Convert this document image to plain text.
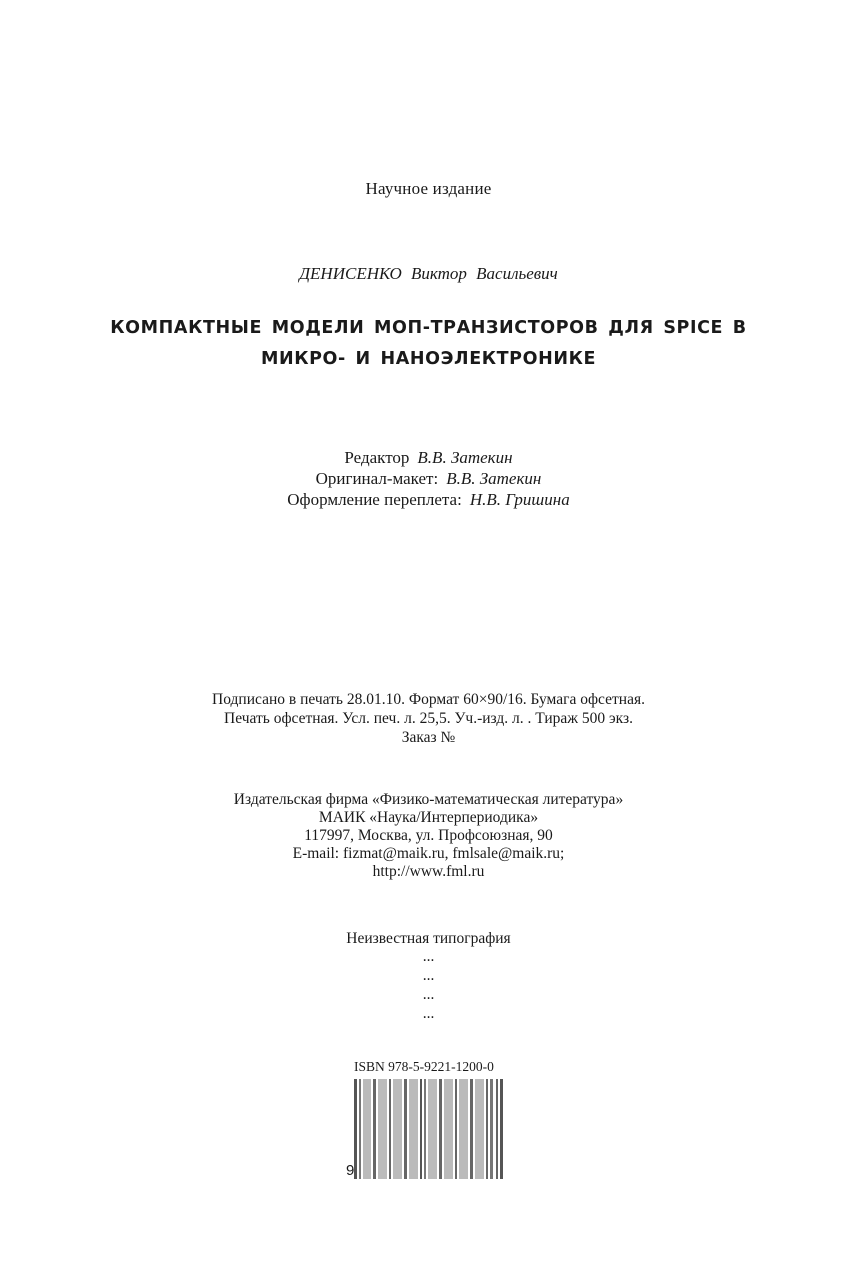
Научное издание
ДЕНИСЕНКО Виктор Васильевич
КОМПАКТНЫЕ МОДЕЛИ МОП-ТРАНЗИСТОРОВ ДЛЯ SPICE В
МИКРО- И НАНОЭЛЕКТРОНИКЕ
Редактор В.В. Затекин
Оригинал-макет: В.В. Затекин
Оформление переплета: Н.В. Гришина
Подписано в печать 28.01.10. Формат 60×90/16. Бумага офсетная.
Печать офсетная. Усл. печ. л. 25,5. Уч.-изд. л. . Тираж 500 экз.
Заказ №
Издательская фирма «Физико-математическая литература»
МАИК «Наука/Интерпериодика»
117997, Москва, ул. Профсоюзная, 90
E-mail: fizmat@maik.ru, fmlsale@maik.ru;
http://www.fml.ru
Неизвестная типография
...
...
...
...
ISBN 978-5-9221-1200-0
9
